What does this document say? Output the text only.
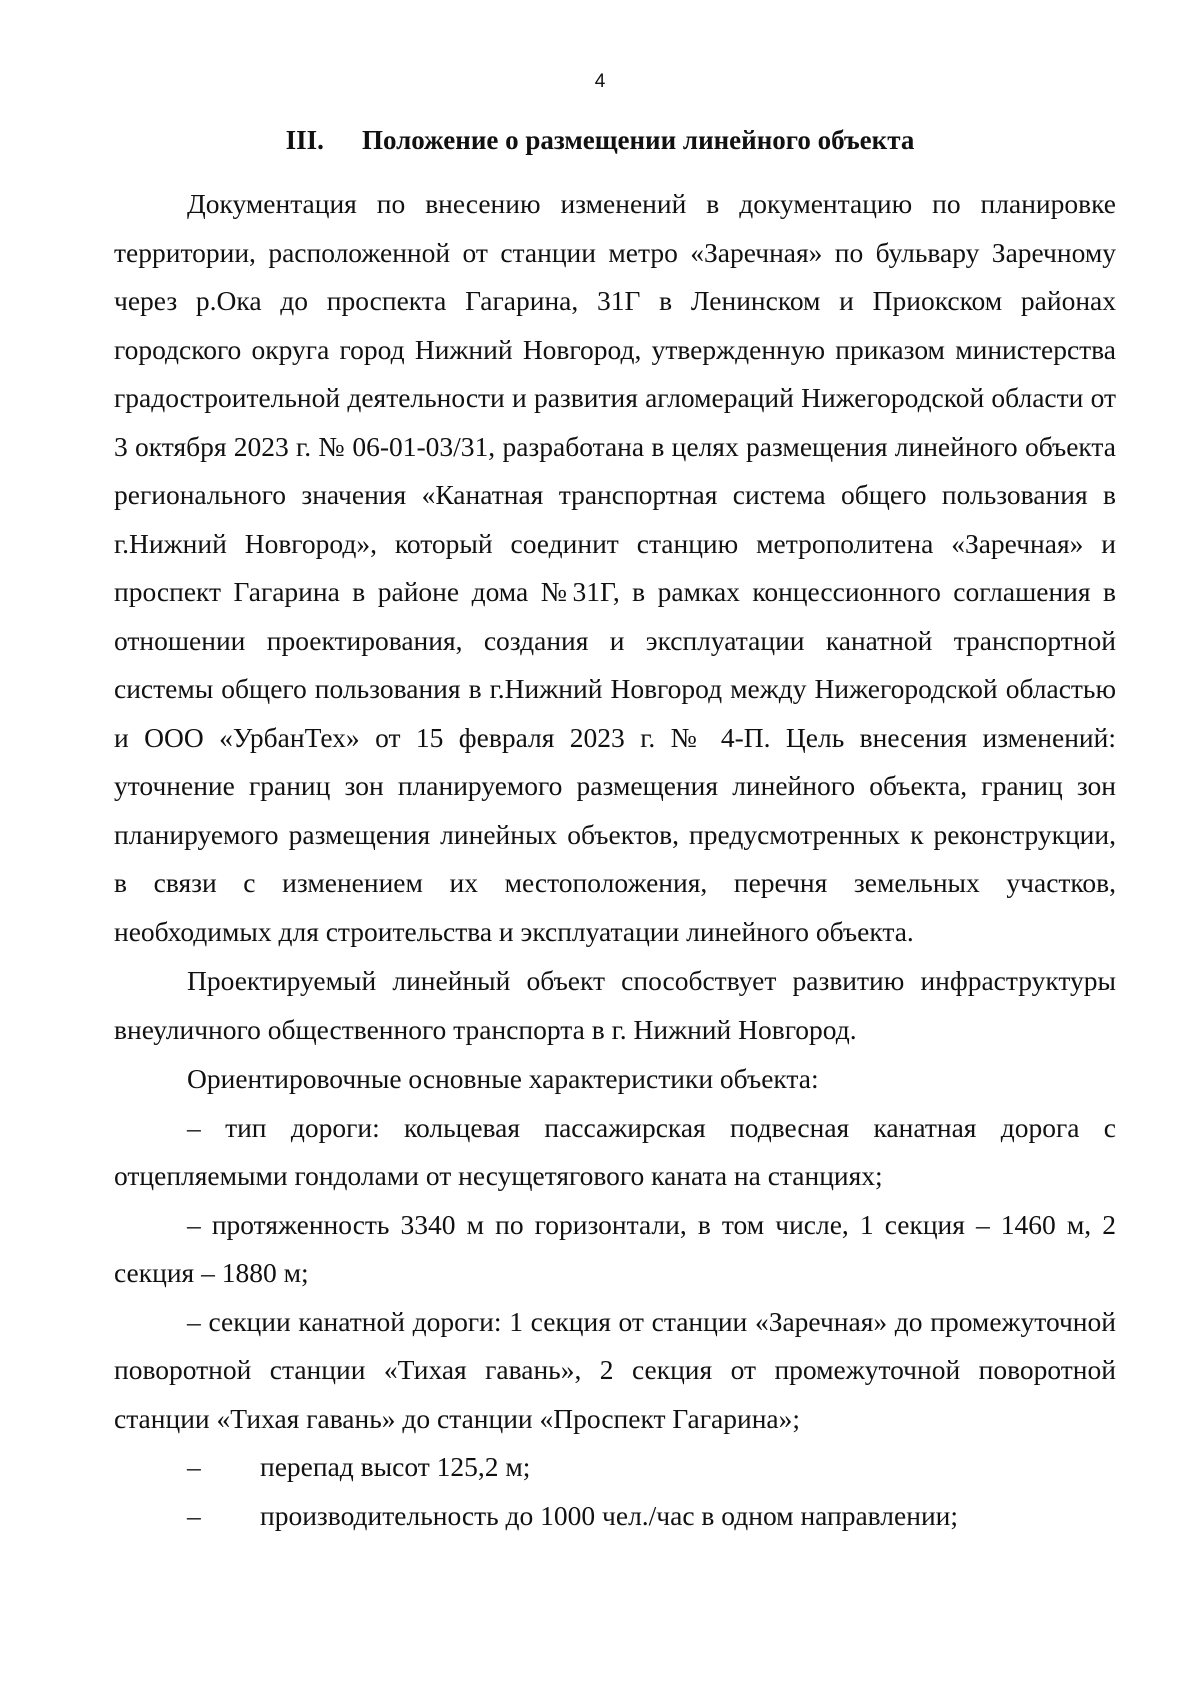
4
III. Положение о размещении линейного объекта

Документация по внесению изменений в документацию по планировке территории, расположенной от станции метро «Заречная» по бульвару Заречному через р.Ока до проспекта Гагарина, 31Г в Ленинском и Приокском районах городского округа город Нижний Новгород, утвержденную приказом министерства градостроительной деятельности и развития агломераций Нижегородской области от 3 октября 2023 г. № 06-01-03/31, разработана в целях размещения линейного объекта регионального значения «Канатная транспортная система общего пользования в г.Нижний Новгород», который соединит станцию метрополитена «Заречная» и проспект Гагарина в районе дома №31Г, в рамках концессионного соглашения в отношении проектирования, создания и эксплуатации канатной транспортной системы общего пользования в г.Нижний Новгород между Нижегородской областью и ООО «УрбанТех» от 15 февраля 2023 г. № 4-П. Цель внесения изменений: уточнение границ зон планируемого размещения линейного объекта, границ зон планируемого размещения линейных объектов, предусмотренных к реконструкции, в связи с изменением их местоположения, перечня земельных участков, необходимых для строительства и эксплуатации линейного объекта.

Проектируемый линейный объект способствует развитию инфраструктуры внеуличного общественного транспорта в г. Нижний Новгород.

Ориентировочные основные характеристики объекта:

– тип дороги: кольцевая пассажирская подвесная канатная дорога с отцепляемыми гондолами от несущетягового каната на станциях;

– протяженность 3340 м по горизонтали, в том числе, 1 секция – 1460 м, 2 секция – 1880 м;

– секции канатной дороги: 1 секция от станции «Заречная» до промежуточной поворотной станции «Тихая гавань», 2 секция от промежуточной поворотной станции «Тихая гавань» до станции «Проспект Гагарина»;

–	перепад высот 125,2 м;
–	производительность до 1000 чел./час в одном направлении;
